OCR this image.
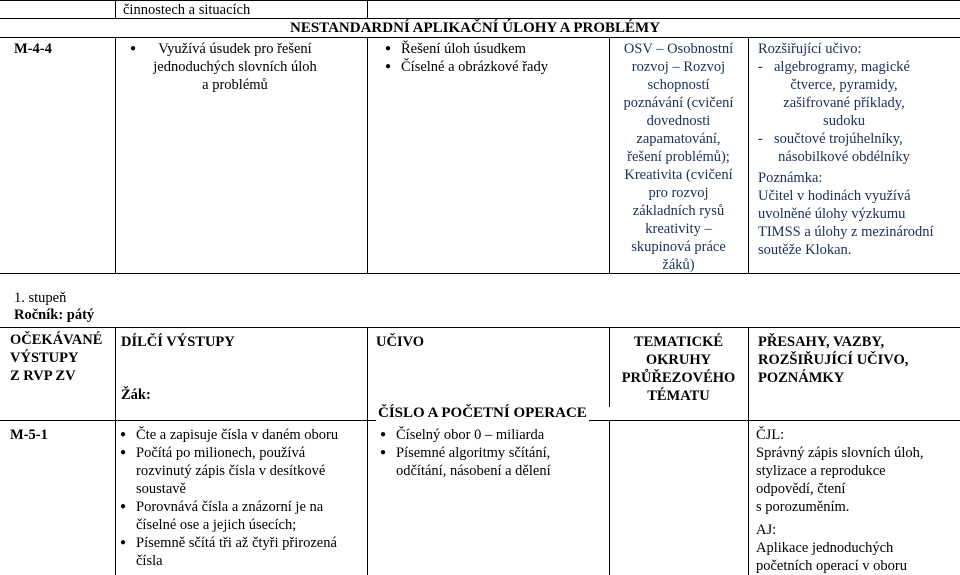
činnostech a situacích
NESTANDARDNÍ APLIKAČNÍ ÚLOHY A PROBLÉMY
M-4-4	●	Využívá úsudek pro řešení
jednoduchých slovních úloh
a problémů
● Řešení úloh úsudkem
● Číselné a obrázkové řady
OSV – Osobnostní
rozvoj – Rozvoj
schopností
poznávání (cvičení
dovednosti
zapamatování,
řešení problémů);
Kreativita (cvičení
pro rozvoj
základních rysů
kreativity –
skupinová práce
žáků)
Rozšiřující učivo:
- algebrogramy, magické
čtverce, pyramidy,
zašifrované příklady,
sudoku
- součtové trojúhelníky,
násobilkové obdélníky
Poznámka:
Učitel v hodinách využívá
uvolněné úlohy výzkumu
TIMSS a úlohy z mezinárodní
soutěže Klokan.
1. stupeň
Ročník: pátý
OČEKÁVANÉ
VÝSTUPY
Z RVP ZV
DÍLČÍ VÝSTUPY
Žák:
UČIVO	TEMATICKÉ
OKRUHY
PRŮŘEZOVÉHO
TÉMATU
PŘESAHY, VAZBY,
ROZŠIŘUJÍCÍ UČIVO,
POZNÁMKY
ČÍSLO A POČETNÍ OPERACE
M-5-1
●	Čte a zapisuje čísla v daném oboru
● Počítá po milionech, používá
rozvinutý zápis čísla v desítkové
soustavě
● Porovnává čísla a znázorní je na
číselné ose a jejich úsecích;
● Písemně sčítá tři až čtyři přirozená
čísla
● Číselný obor 0 – miliarda
● Písemné algoritmy sčítání,
odčítání, násobení a dělení
ČJL:
Správný zápis slovních úloh,
stylizace a reprodukce
odpovědí, čtení
s porozuměním.
AJ:
Aplikace jednoduchých
početních operací v oboru
